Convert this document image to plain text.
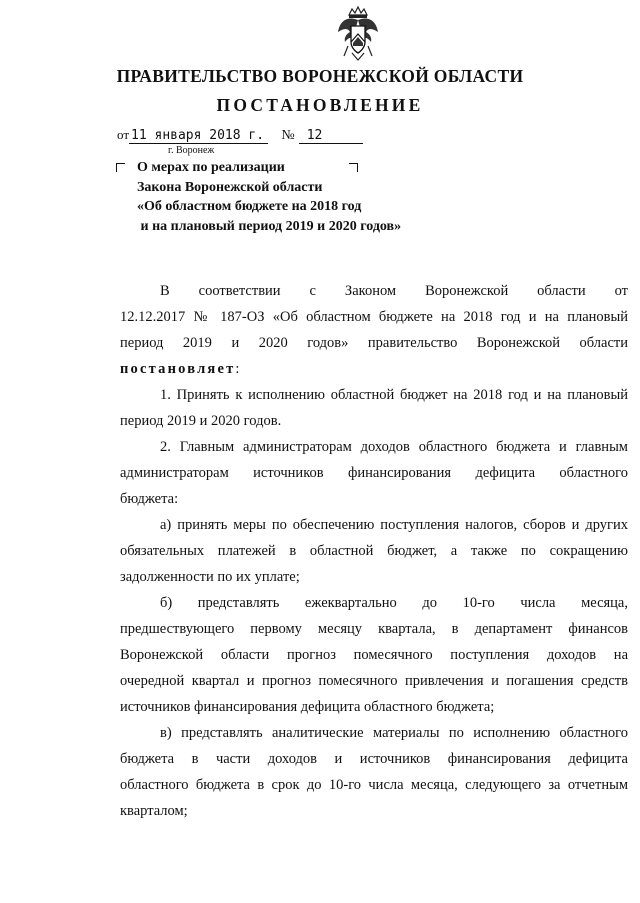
ПРАВИТЕЛЬСТВО ВОРОНЕЖСКОЙ ОБЛАСТИ
ПОСТАНОВЛЕНИЕ
от 11 января 2018 г. № 12
г. Воронеж
О мерах по реализации
Закона Воронежской области
«Об областном бюджете на 2018 год
и на плановый период 2019 и 2020 годов»

В соответствии с Законом Воронежской области от
12.12.2017 № 187-ОЗ «Об областном бюджете на 2018 год и на плановый
период 2019 и 2020 годов» правительство Воронежской области
постановляет:

1. Принять к исполнению областной бюджет на 2018 год и на плановый
период 2019 и 2020 годов.

2. Главным администраторам доходов областного бюджета и главным
администраторам источников финансирования дефицита областного
бюджета:

а) принять меры по обеспечению поступления налогов, сборов и других
обязательных платежей в областной бюджет, а также по сокращению
задолженности по их уплате;

б) представлять ежеквартально до 10-го числа месяца,
предшествующего первому месяцу квартала, в департамент финансов
Воронежской области прогноз помесячного поступления доходов на
очередной квартал и прогноз помесячного привлечения и погашения средств
источников финансирования дефицита областного бюджета;

в) представлять аналитические материалы по исполнению областного
бюджета в части доходов и источников финансирования дефицита
областного бюджета в срок до 10-го числа месяца, следующего за отчетным
кварталом;
